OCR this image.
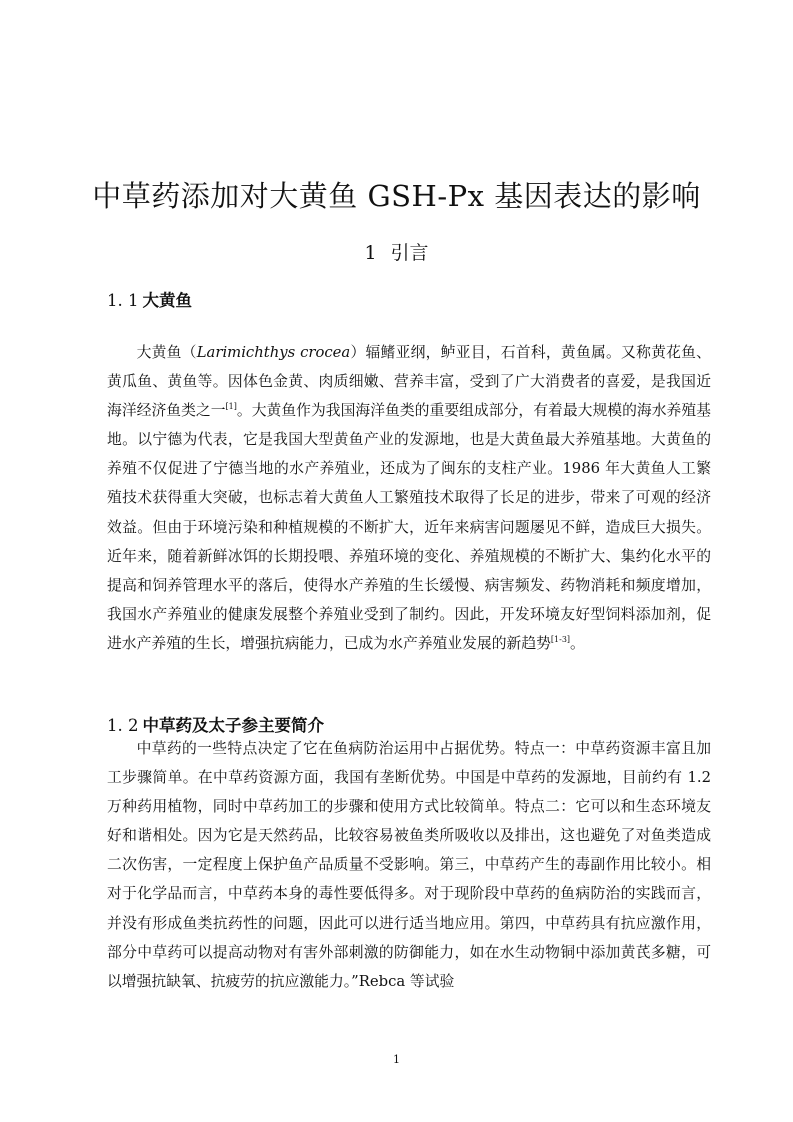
中草药添加对大黄鱼 GSH-Px 基因表达的影响
1 引言
1. 1 大黄鱼

大黄鱼（Larimichthys crocea）辐鳍亚纲，鲈亚目，石首科，黄鱼属。又称黄花鱼、黄瓜鱼、黄鱼等。因体色金黄、肉质细嫩、营养丰富，受到了广大消费者的喜爱，是我国近海洋经济鱼类之一[1]。大黄鱼作为我国海洋鱼类的重要组成部分，有着最大规模的海水养殖基地。以宁德为代表，它是我国大型黄鱼产业的发源地，也是大黄鱼最大养殖基地。大黄鱼的养殖不仅促进了宁德当地的水产养殖业，还成为了闽东的支柱产业。1986 年大黄鱼人工繁殖技术获得重大突破，也标志着大黄鱼人工繁殖技术取得了长足的进步，带来了可观的经济效益。但由于环境污染和种植规模的不断扩大，近年来病害问题屡见不鲜，造成巨大损失。近年来，随着新鲜冰饵的长期投喂、养殖环境的变化、养殖规模的不断扩大、集约化水平的提高和饲养管理水平的落后，使得水产养殖的生长缓慢、病害频发、药物消耗和频度增加，我国水产养殖业的健康发展整个养殖业受到了制约。因此，开发环境友好型饲料添加剂，促进水产养殖的生长，增强抗病能力，已成为水产养殖业发展的新趋势[1-3]。

1. 2 中草药及太子参主要简介

中草药的一些特点决定了它在鱼病防治运用中占据优势。特点一：中草药资源丰富且加工步骤简单。在中草药资源方面，我国有垄断优势。中国是中草药的发源地，目前约有 1.2 万种药用植物，同时中草药加工的步骤和使用方式比较简单。特点二：它可以和生态环境友好和谐相处。因为它是天然药品，比较容易被鱼类所吸收以及排出，这也避免了对鱼类造成二次伤害，一定程度上保护鱼产品质量不受影响。第三，中草药产生的毒副作用比较小。相对于化学品而言，中草药本身的毒性要低得多。对于现阶段中草药的鱼病防治的实践而言，并没有形成鱼类抗药性的问题，因此可以进行适当地应用。第四，中草药具有抗应激作用，部分中草药可以提高动物对有害外部刺激的防御能力，如在水生动物铜中添加黄芪多糖，可以增强抗缺氧、抗疲劳的抗应激能力。”Rebca 等试验

1
